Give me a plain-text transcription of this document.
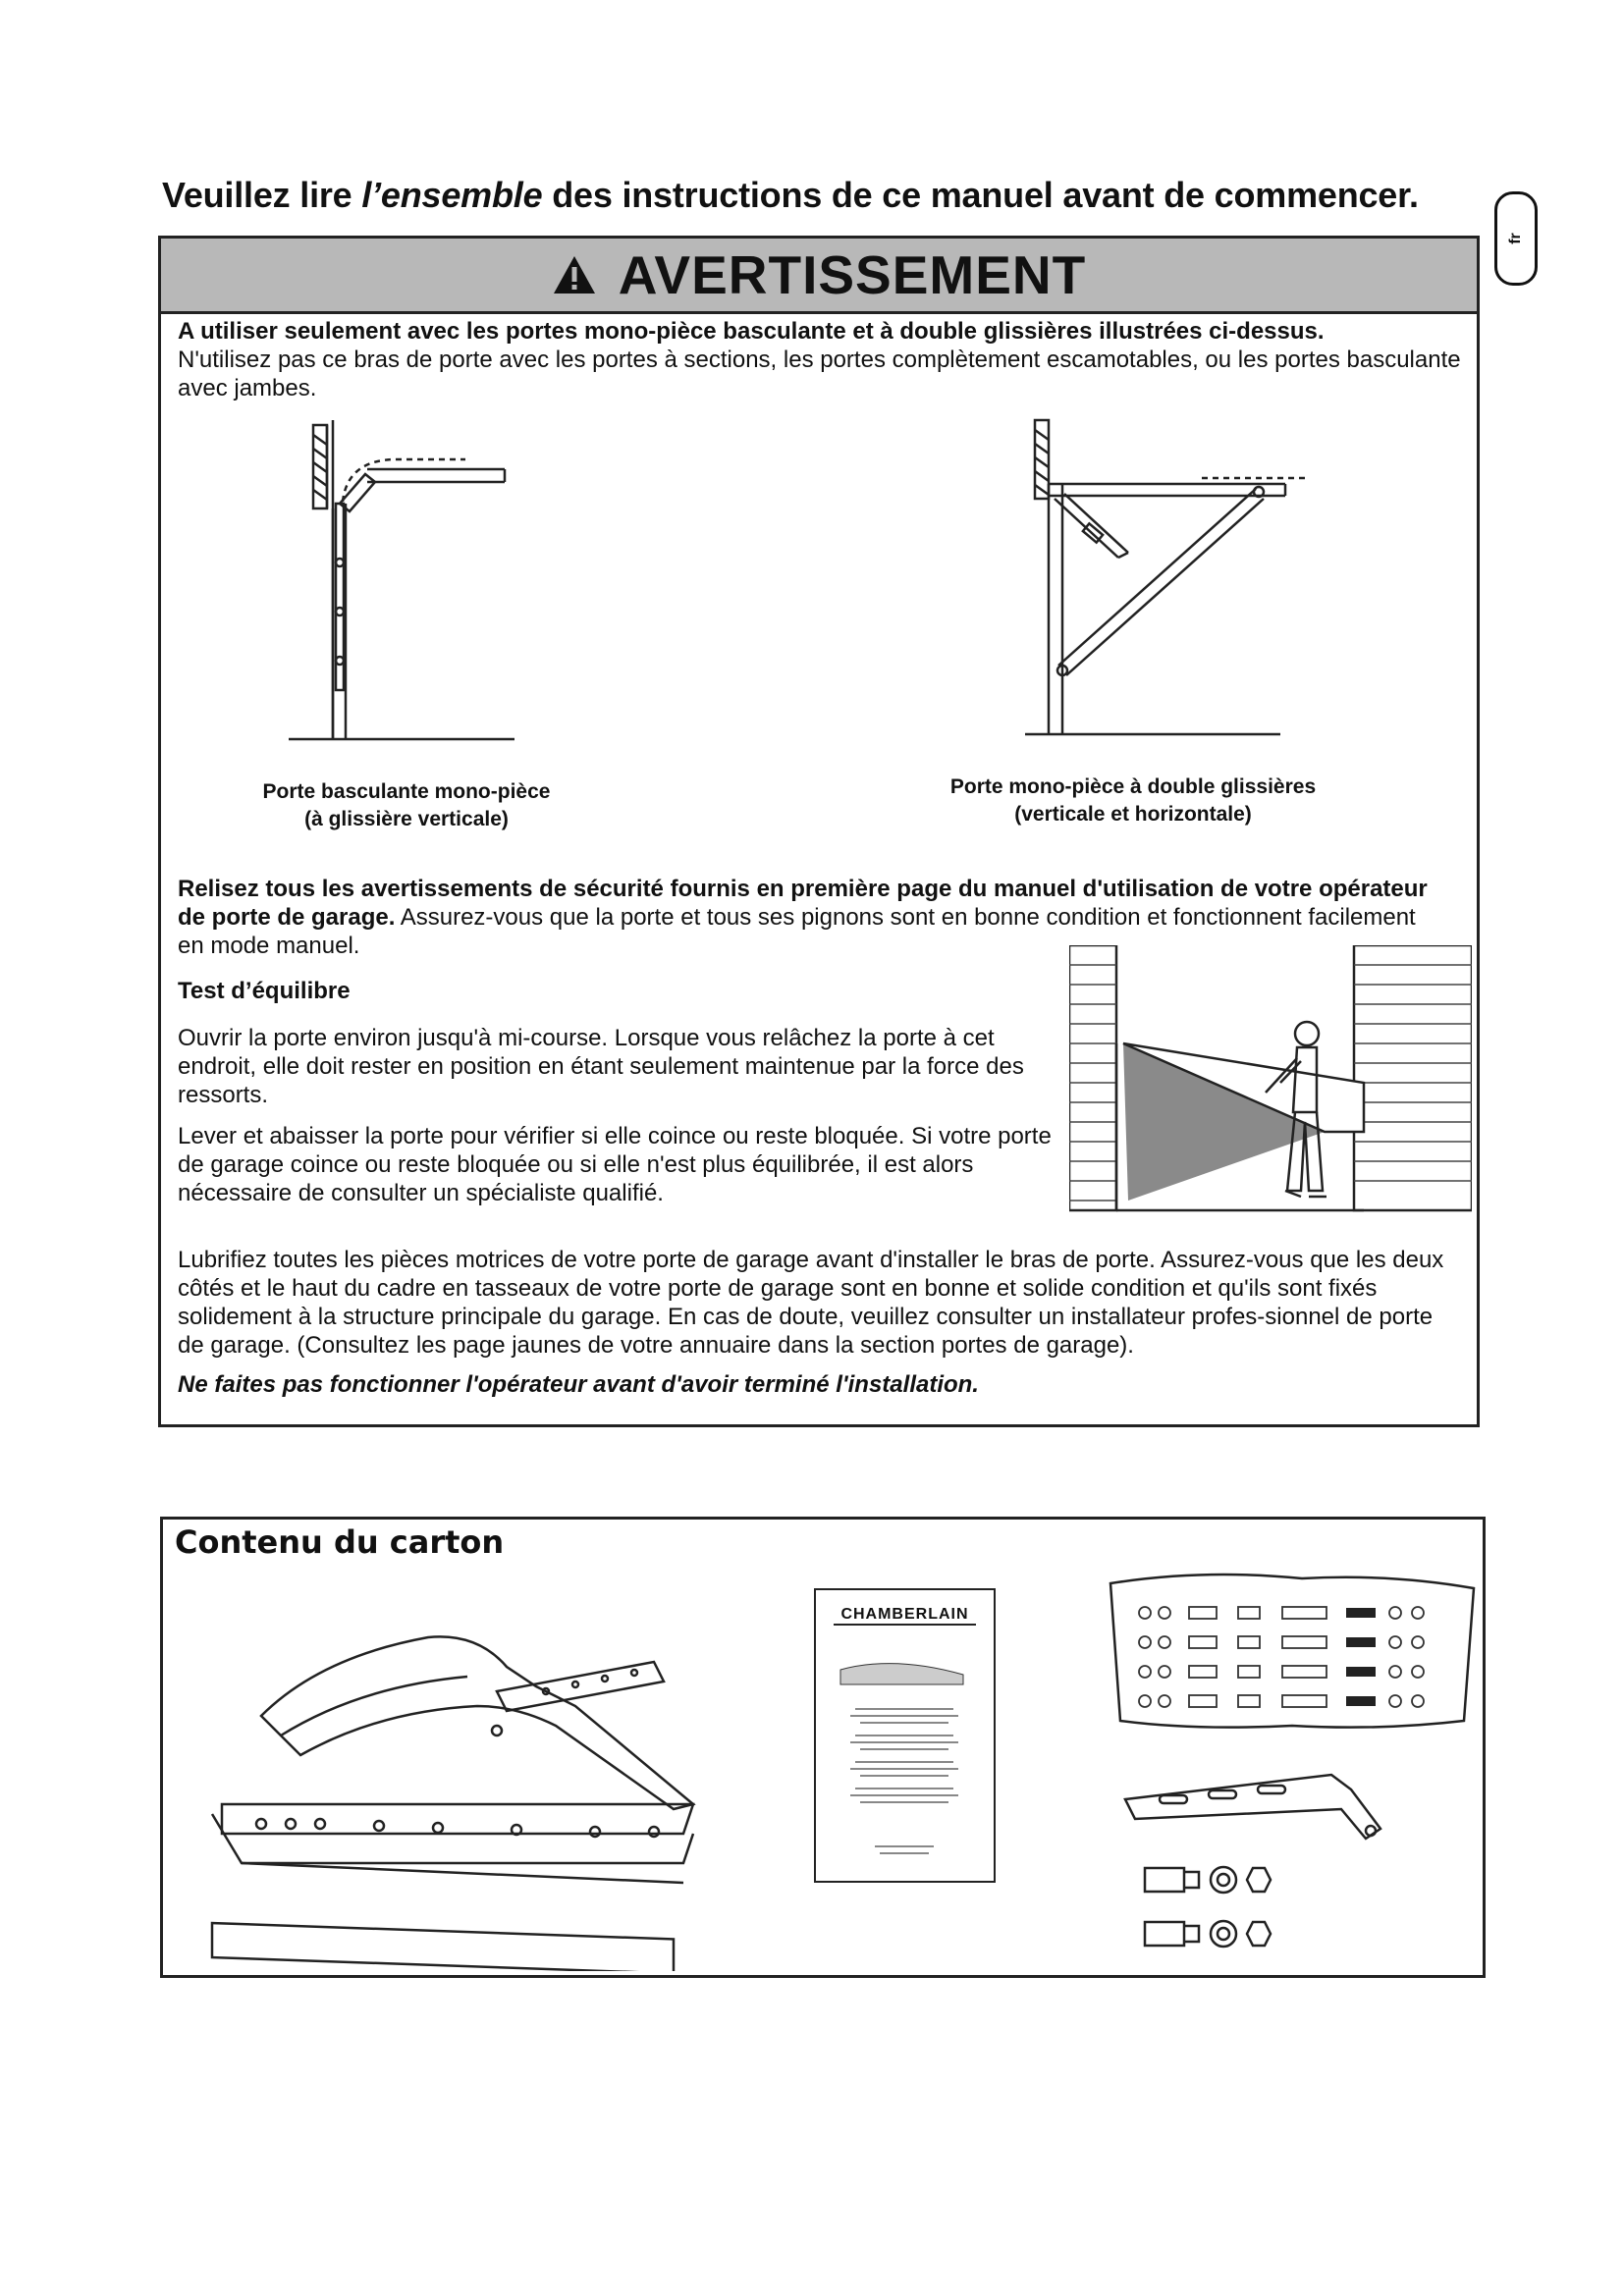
Veuillez lire l’ensemble des instructions de ce manuel avant de commencer.
fr
AVERTISSEMENT
A utiliser seulement avec les portes mono-pièce basculante et à double glissières illustrées ci-dessus.
N'utilisez pas ce bras de porte avec les portes à sections, les portes complètement escamotables, ou les portes basculante avec jambes.
Porte basculante mono-pièce
(à glissière verticale)
Porte mono-pièce à double glissières
(verticale et horizontale)
Relisez tous les avertissements de sécurité fournis en première page du manuel d'utilisation de votre opérateur de porte de garage. Assurez-vous que la porte et tous ses pignons sont en bonne condition et fonctionnent facilement en mode manuel.
Test d’équilibre
Ouvrir la porte environ jusqu'à mi-course. Lorsque vous relâchez la porte à cet endroit, elle doit rester en position en étant seulement maintenue par la force des ressorts.
Lever et abaisser la porte pour vérifier si elle coince ou reste bloquée. Si votre porte de garage coince ou reste bloquée ou si elle n'est plus équilibrée, il est alors nécessaire de consulter un spécialiste qualifié.
Lubrifiez toutes les pièces motrices de votre porte de garage avant d'installer le bras de porte. Assurez-vous que les deux côtés et le haut du cadre en tasseaux de votre porte de garage sont en bonne et solide condition et qu'ils sont fixés solidement à la structure principale du garage. En cas de doute, veuillez consulter un installateur profes-sionnel de porte de garage. (Consultez les page jaunes de votre annuaire dans la section portes de garage).
Ne faites pas fonctionner l'opérateur avant d'avoir terminé l'installation.
Contenu du carton
CHAMBERLAIN
